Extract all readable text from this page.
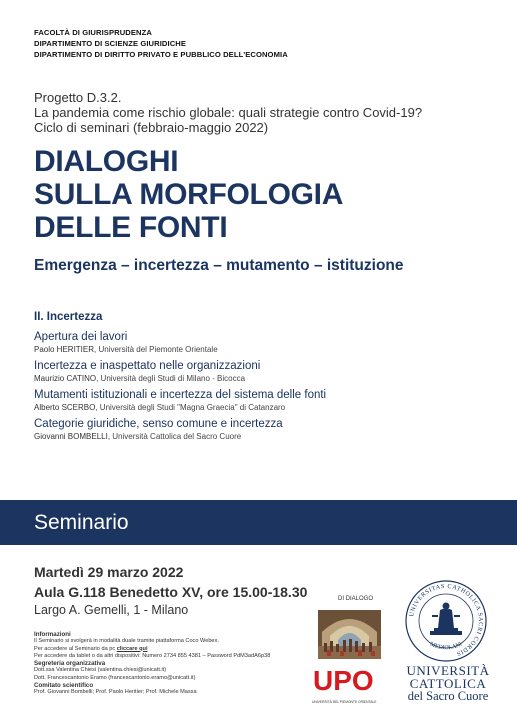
FACOLTÀ DI GIURISPRUDENZA
DIPARTIMENTO DI SCIENZE GIURIDICHE
DIPARTIMENTO DI DIRITTO PRIVATO E PUBBLICO DELL'ECONOMIA
Progetto D.3.2.
La pandemia come rischio globale: quali strategie contro Covid-19?
Ciclo di seminari (febbraio-maggio 2022)
DIALOGHI
SULLA MORFOLOGIA
DELLE FONTI
Emergenza – incertezza – mutamento – istituzione
II. Incertezza
Apertura dei lavori
Paolo HERITIER, Università del Piemonte Orientale
Incertezza e inaspettato nelle organizzazioni
Maurizio CATINO, Università degli Studi di Milano - Bicocca
Mutamenti istituzionali e incertezza del sistema delle fonti
Alberto SCERBO, Università degli Studi "Magna Graecia" di Catanzaro
Categorie giuridiche, senso comune e incertezza
Giovanni BOMBELLI, Università Cattolica del Sacro Cuore
Seminario
Martedì 29 marzo 2022
Aula G.118 Benedetto XV, ore 15.00-18.30
Largo A. Gemelli, 1 - Milano
Informazioni
Il Seminario si svolgerà in modalità duale tramite piattaforma Coco Webex.
Per accedere al Seminario da pc cliccare qui
Per accedere da tablet o da altri dispositivi: Numero 2734 855 4381 – Password PdM3adA6p38
Segreteria organizzativa
Dott.ssa Valentina Chiesi (valentina.chiesi@unicatt.it)
Dott. Francescantonio Eramo (francescantonio.eramo@unicatt.it)
Comitato scientifico
Prof. Giovanni Bombelli; Prof. Paolo Heritier; Prof. Michele Massa
DI DIALOGO
UPO
UNIVERSITÀ DEL PIEMONTE ORIENTALE
UNIVERSITAS CATHOLICA SACRI CORDIS
MEDIOLANI
UNIVERSITÀ
CATTOLICA
del Sacro Cuore
